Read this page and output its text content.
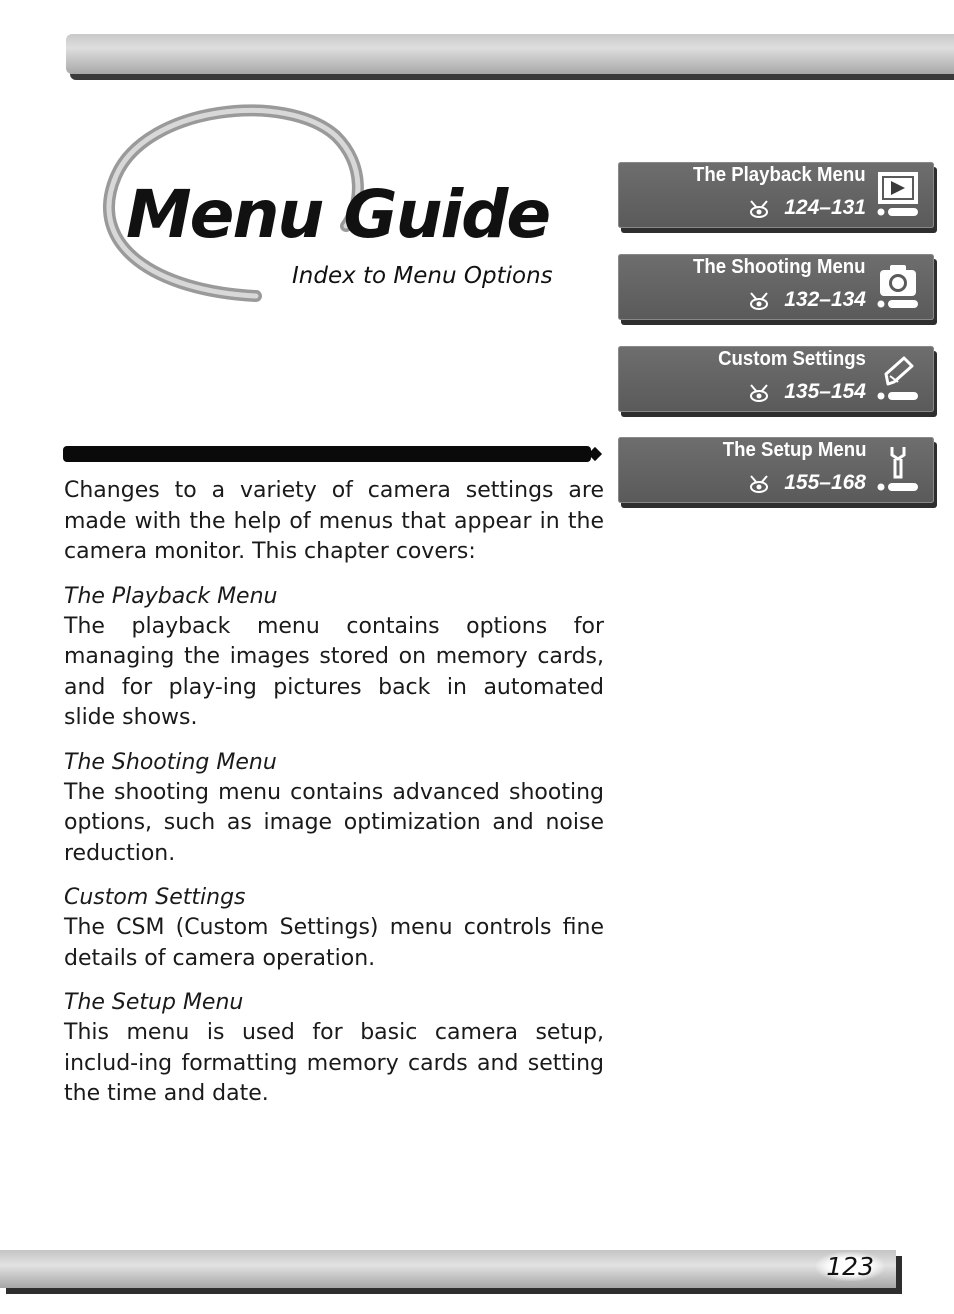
Menu Guide

Index to Menu Options

The Playback Menu
124–131
The Shooting Menu
132–134
Custom Settings
135–154
The Setup Menu
155–168

Changes to a variety of camera settings are made with the help of menus that appear in the camera monitor. This chapter covers:

The Playback Menu

The playback menu contains options for managing the images stored on memory cards, and for play-ing pictures back in automated slide shows.

The Shooting Menu

The shooting menu contains advanced shooting options, such as image optimization and noise reduction.

Custom Settings

The CSM (Custom Settings) menu controls fine details of camera operation.

The Setup Menu

This menu is used for basic camera setup, includ-ing formatting memory cards and setting the time and date.

123
